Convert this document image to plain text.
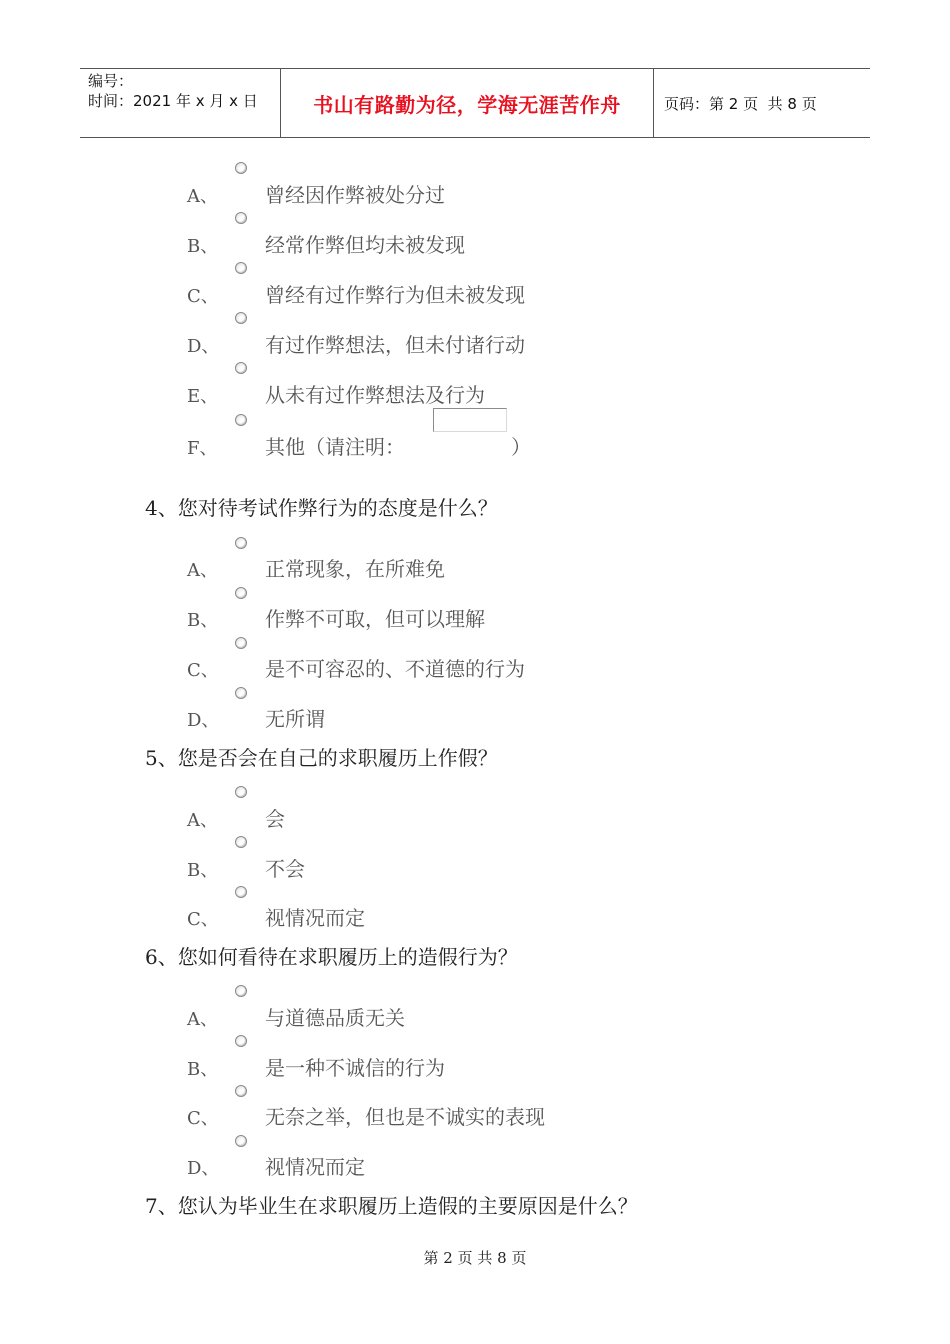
编号：
时间：2021 年 x 月 x 日	书山有路勤为径，学海无涯苦作舟	页码：第 2 页  共 8 页
A、 曾经因作弊被处分过
B、 经常作弊但均未被发现
C、 曾经有过作弊行为但未被发现
D、 有过作弊想法，但未付诸行动
E、 从未有过作弊想法及行为
F、 其他（请注明：	）
4、您对待考试作弊行为的态度是什么？
A、 正常现象，在所难免
B、 作弊不可取，但可以理解
C、 是不可容忍的、不道德的行为
D、 无所谓
5、您是否会在自己的求职履历上作假？
A、 会
B、 不会
C、 视情况而定
6、您如何看待在求职履历上的造假行为？
A、 与道德品质无关
B、 是一种不诚信的行为
C、 无奈之举，但也是不诚实的表现
D、 视情况而定
7、您认为毕业生在求职履历上造假的主要原因是什么？
第 2 页 共 8 页
